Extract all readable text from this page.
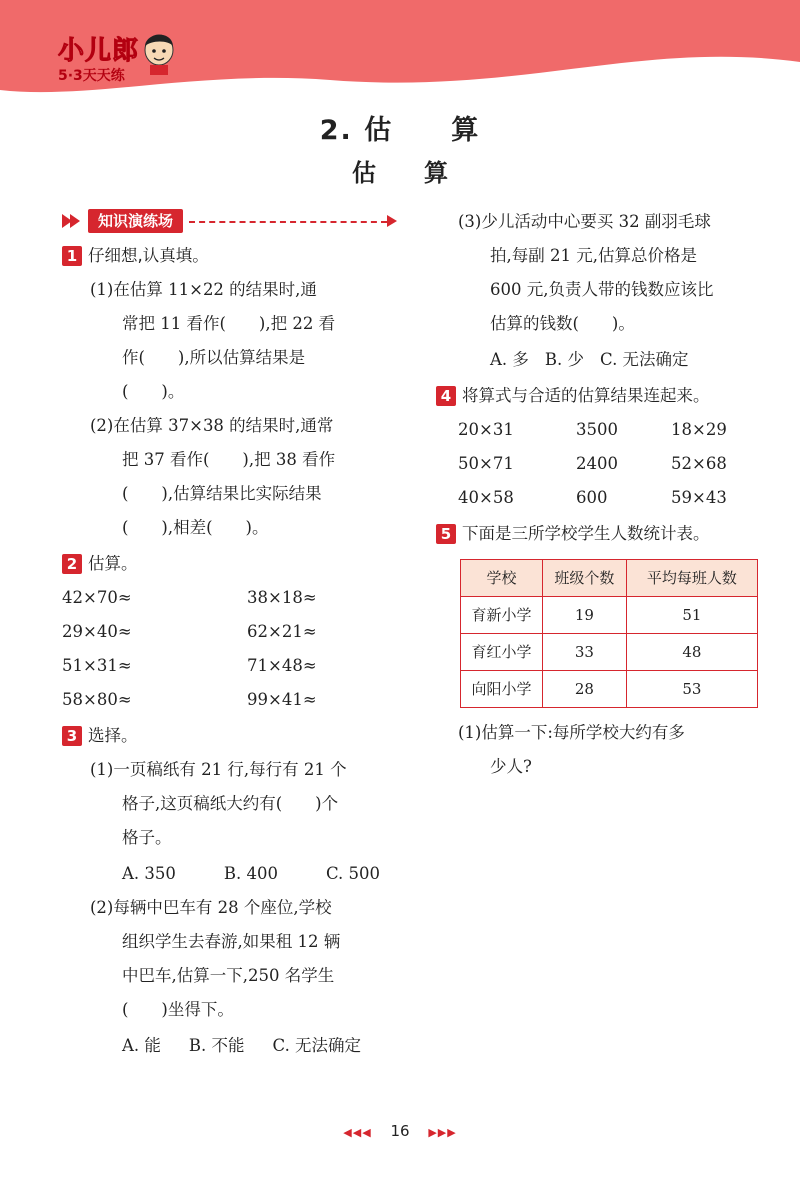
小儿郎
5·3天天练
2. 估　　算
估　　算
知识演练场
1 仔细想,认真填。
(1)在估算 11×22 的结果时,通
常把 11 看作(　　),把 22 看
作(　　),所以估算结果是
(　　)。
(2)在估算 37×38 的结果时,通常
把 37 看作(　　),把 38 看作
(　　),估算结果比实际结果
(　　),相差(　　)。
2 估算。
42×70≈	38×18≈
29×40≈	62×21≈
51×31≈	71×48≈
58×80≈	99×41≈
3 选择。
(1)一页稿纸有 21 行,每行有 21 个
格子,这页稿纸大约有(　　)个
格子。
A. 350	B. 400	C. 500
(2)每辆中巴车有 28 个座位,学校
组织学生去春游,如果租 12 辆
中巴车,估算一下,250 名学生
(　　)坐得下。
A. 能 B. 不能 C. 无法确定
(3)少儿活动中心要买 32 副羽毛球
拍,每副 21 元,估算总价格是
600 元,负责人带的钱数应该比
估算的钱数(　　)。
A. 多 B. 少 C. 无法确定
4 将算式与合适的估算结果连起来。
20×31	3500	18×29
50×71	2400	52×68
40×58	600	59×43
5 下面是三所学校学生人数统计表。
学校	班级个数	平均每班人数
育新小学	19	51
育红小学	33	48
向阳小学	28	53
(1)估算一下:每所学校大约有多
少人?
◀◀◀ 16 ▶▶▶
